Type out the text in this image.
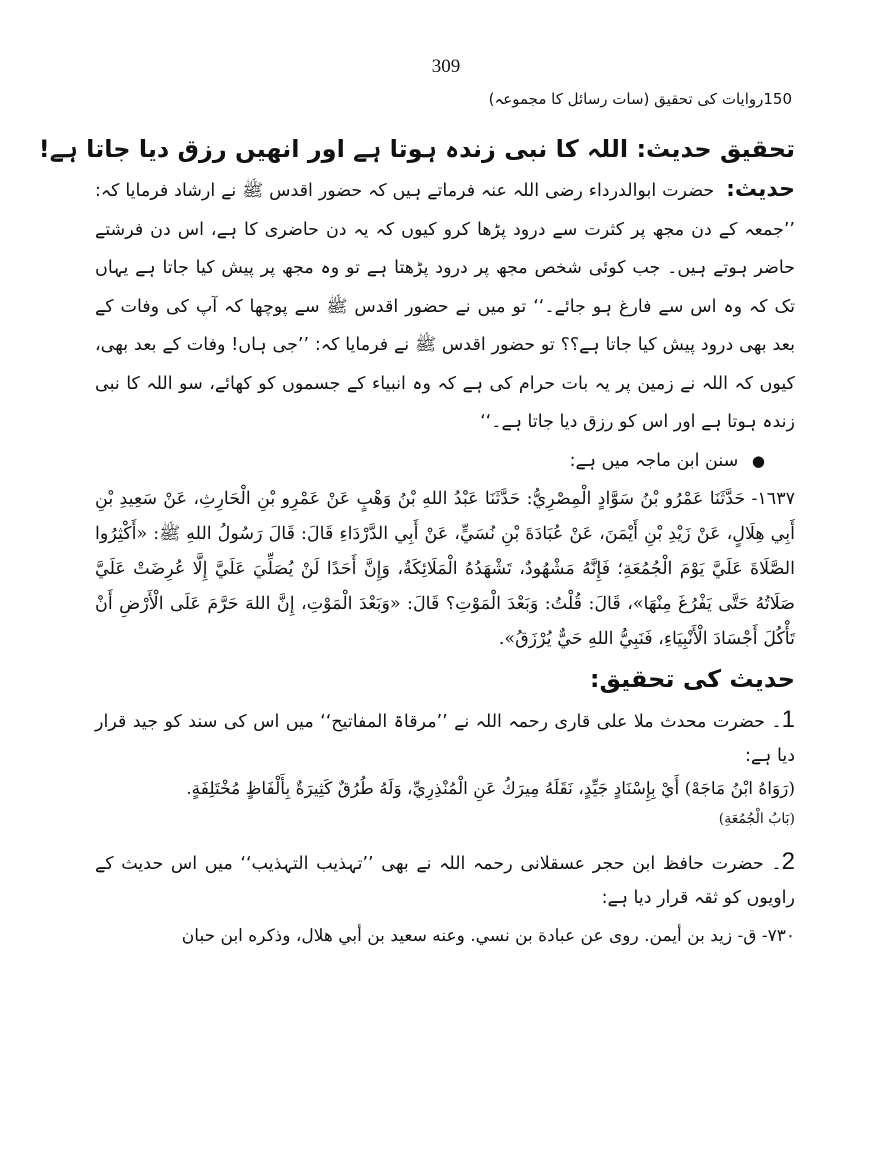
309
150روایات کی تحقیق (سات رسائل کا مجموعہ)
تحقیق حدیث: اللہ کا نبی زندہ ہوتا ہے اور انھیں رزق دیا جاتا ہے!

حدیث: حضرت ابوالدرداء رضی اللہ عنہ فرماتے ہیں کہ حضور اقدس ﷺ نے ارشاد فرمایا کہ: ’’جمعہ کے دن مجھ پر کثرت سے درود پڑھا کرو کیوں کہ یہ دن حاضری کا ہے، اس دن فرشتے حاضر ہوتے ہیں۔ جب کوئی شخص مجھ پر درود پڑھتا ہے تو وہ مجھ پر پیش کیا جاتا ہے یہاں تک کہ وہ اس سے فارغ ہو جائے۔‘‘ تو میں نے حضور اقدس ﷺ سے پوچھا کہ آپ کی وفات کے بعد بھی درود پیش کیا جاتا ہے؟؟ تو حضور اقدس ﷺ نے فرمایا کہ: ’’جی ہاں! وفات کے بعد بھی، کیوں کہ اللہ نے زمین پر یہ بات حرام کی ہے کہ وہ انبیاء کے جسموں کو کھائے، سو اللہ کا نبی زندہ ہوتا ہے اور اس کو رزق دیا جاتا ہے۔‘‘

● سنن ابن ماجہ میں ہے:

١٦٣٧- حَدَّثَنَا عَمْرُو بْنُ سَوَّادٍ الْمِصْرِيُّ: حَدَّثَنَا عَبْدُ اللهِ بْنُ وَهْبٍ عَنْ عَمْرِو بْنِ الْحَارِثِ، عَنْ سَعِيدِ بْنِ أَبِي هِلَالٍ، عَنْ زَيْدِ بْنِ أَيْمَنَ، عَنْ عُبَادَةَ بْنِ نُسَيٍّ، عَنْ أَبِي الدَّرْدَاءِ قَالَ: قَالَ رَسُولُ اللهِ ﷺ: «أَكْثِرُوا الصَّلَاةَ عَلَيَّ يَوْمَ الْجُمُعَةِ؛ فَإِنَّهُ مَشْهُودٌ، تَشْهَدُهُ الْمَلَائِكَةُ، وَإِنَّ أَحَدًا لَنْ يُصَلِّيَ عَلَيَّ إِلَّا عُرِضَتْ عَلَيَّ صَلَاتُهُ حَتَّى يَفْرُغَ مِنْهَا»، قَالَ: قُلْتُ: وَبَعْدَ الْمَوْتِ؟ قَالَ: «وَبَعْدَ الْمَوْتِ، إِنَّ اللهَ حَرَّمَ عَلَى الْأَرْضِ أَنْ تَأْكُلَ أَجْسَادَ الْأَنْبِيَاءِ، فَنَبِيُّ اللهِ حَيٌّ يُرْزَقُ».

حدیث کی تحقیق:

1۔ حضرت محدث ملا علی قاری رحمہ اللہ نے ’’مرقاۃ المفاتیح‘‘ میں اس کی سند کو جید قرار دیا ہے:

(رَوَاهُ ابْنُ مَاجَهْ) أَيْ بِإِسْنَادٍ جَيِّدٍ، نَقَلَهُ مِيرَكُ عَنِ الْمُنْذِرِيِّ، وَلَهُ طُرُقٌ كَثِيرَةٌ بِأَلْفَاظٍ مُخْتَلِفَةٍ.

(بَابُ الْجُمُعَةِ)

2۔ حضرت حافظ ابن حجر عسقلانی رحمہ اللہ نے بھی ’’تہذیب التہذیب‘‘ میں اس حدیث کے راویوں کو ثقہ قرار دیا ہے:

٧٣٠- ق- زيد بن أيمن. روى عن عبادة بن نسي. وعنه سعيد بن أبي هلال، وذكره ابن حبان
